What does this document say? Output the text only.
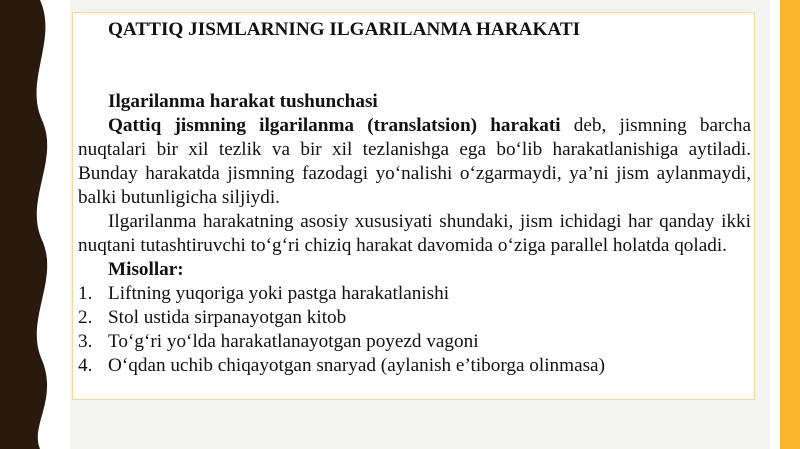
QATTIQ JISMLARNING ILGARILANMA HARAKATI
Ilgarilanma harakat tushunchasi

Qattiq jismning ilgarilanma (translatsion) harakati deb, jismning barcha nuqtalari bir xil tezlik va bir xil tezlanishga ega bo‘lib harakatlanishiga aytiladi. Bunday harakatda jismning fazodagi yo‘nalishi o‘zgarmaydi, ya’ni jism aylanmaydi, balki butunligicha siljiydi.

Ilgarilanma harakatning asosiy xususiyati shundaki, jism ichidagi har qanday ikki nuqtani tutashtiruvchi to‘g‘ri chiziq harakat davomida o‘ziga parallel holatda qoladi.

Misollar:
1. Liftning yuqoriga yoki pastga harakatlanishi
2. Stol ustida sirpanayotgan kitob
3. To‘g‘ri yo‘lda harakatlanayotgan poyezd vagoni
4. O‘qdan uchib chiqayotgan snaryad (aylanish e’tiborga olinmasa)
